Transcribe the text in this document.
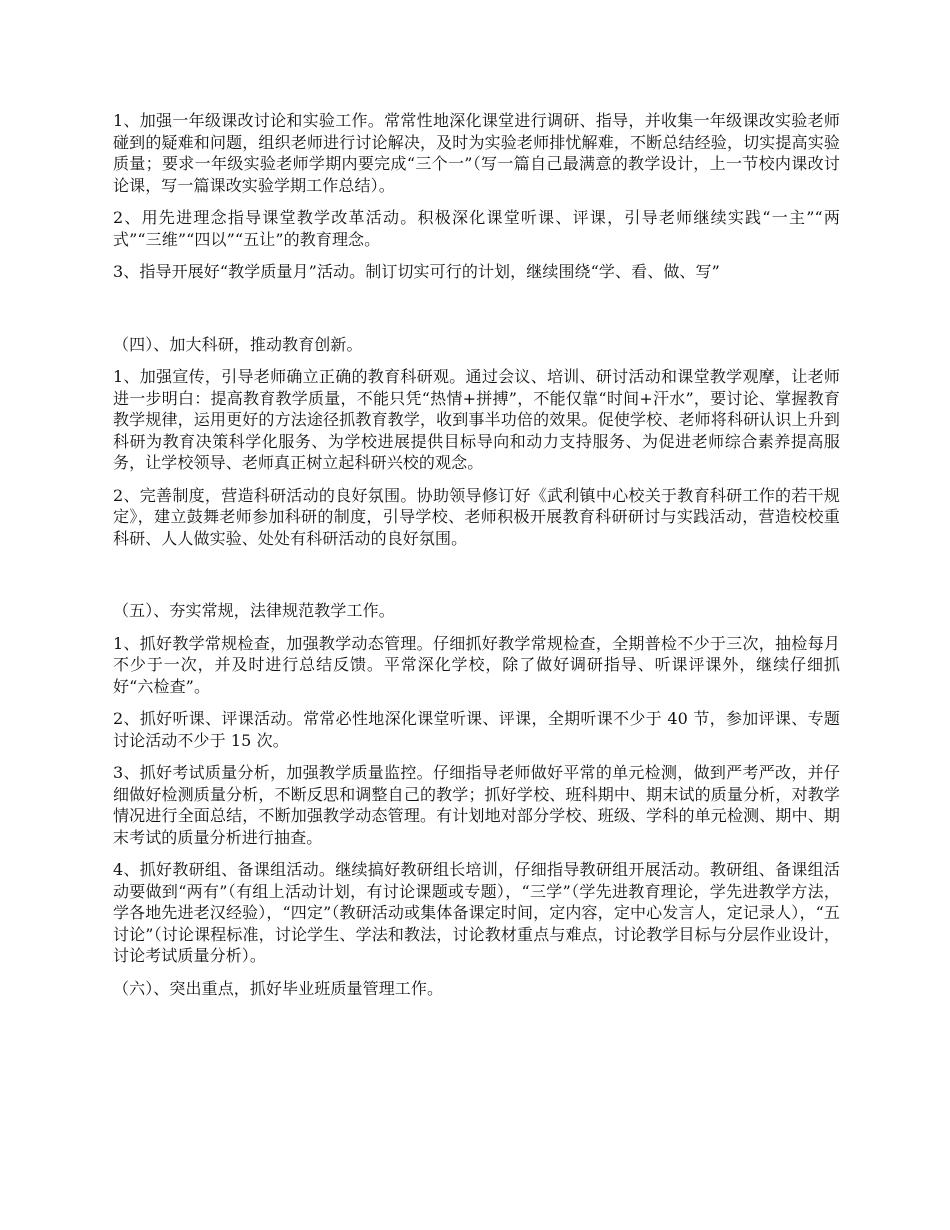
1、加强一年级课改讨论和实验工作。常常性地深化课堂进行调研、指导，并收集一年级课改实验老师碰到的疑难和问题，组织老师进行讨论解决，及时为实验老师排忧解难，不断总结经验，切实提高实验质量；要求一年级实验老师学期内要完成“三个一”（写一篇自己最满意的教学设计，上一节校内课改讨论课，写一篇课改实验学期工作总结）。

2、用先进理念指导课堂教学改革活动。积极深化课堂听课、评课，引导老师继续实践“一主”“两式”“三维”“四以”“五让”的教育理念。

3、指导开展好“教学质量月”活动。制订切实可行的计划，继续围绕“学、看、做、写”

（四）、加大科研，推动教育创新。

1、加强宣传，引导老师确立正确的教育科研观。通过会议、培训、研讨活动和课堂教学观摩，让老师进一步明白：提高教育教学质量，不能只凭“热情+拼搏”，不能仅靠“时间+汗水”，要讨论、掌握教育教学规律，运用更好的方法途径抓教育教学，收到事半功倍的效果。促使学校、老师将科研认识上升到科研为教育决策科学化服务、为学校进展提供目标导向和动力支持服务、为促进老师综合素养提高服务，让学校领导、老师真正树立起科研兴校的观念。

2、完善制度，营造科研活动的良好氛围。协助领导修订好《武利镇中心校关于教育科研工作的若干规定》，建立鼓舞老师参加科研的制度，引导学校、老师积极开展教育科研研讨与实践活动，营造校校重科研、人人做实验、处处有科研活动的良好氛围。

（五）、夯实常规，法律规范教学工作。

1、抓好教学常规检查，加强教学动态管理。仔细抓好教学常规检查，全期普检不少于三次，抽检每月不少于一次，并及时进行总结反馈。平常深化学校，除了做好调研指导、听课评课外，继续仔细抓好“六检查”。

2、抓好听课、评课活动。常常必性地深化课堂听课、评课，全期听课不少于 40 节，参加评课、专题讨论活动不少于 15 次。

3、抓好考试质量分析，加强教学质量监控。仔细指导老师做好平常的单元检测，做到严考严改，并仔细做好检测质量分析，不断反思和调整自己的教学；抓好学校、班科期中、期末试的质量分析，对教学情况进行全面总结，不断加强教学动态管理。有计划地对部分学校、班级、学科的单元检测、期中、期末考试的质量分析进行抽查。

4、抓好教研组、备课组活动。继续搞好教研组长培训，仔细指导教研组开展活动。教研组、备课组活动要做到“两有”（有组上活动计划，有讨论课题或专题），“三学”（学先进教育理论，学先进教学方法，学各地先进老汉经验），“四定”（教研活动或集体备课定时间，定内容，定中心发言人，定记录人），“五讨论”（讨论课程标准，讨论学生、学法和教法，讨论教材重点与难点，讨论教学目标与分层作业设计，讨论考试质量分析）。

（六）、突出重点，抓好毕业班质量管理工作。
